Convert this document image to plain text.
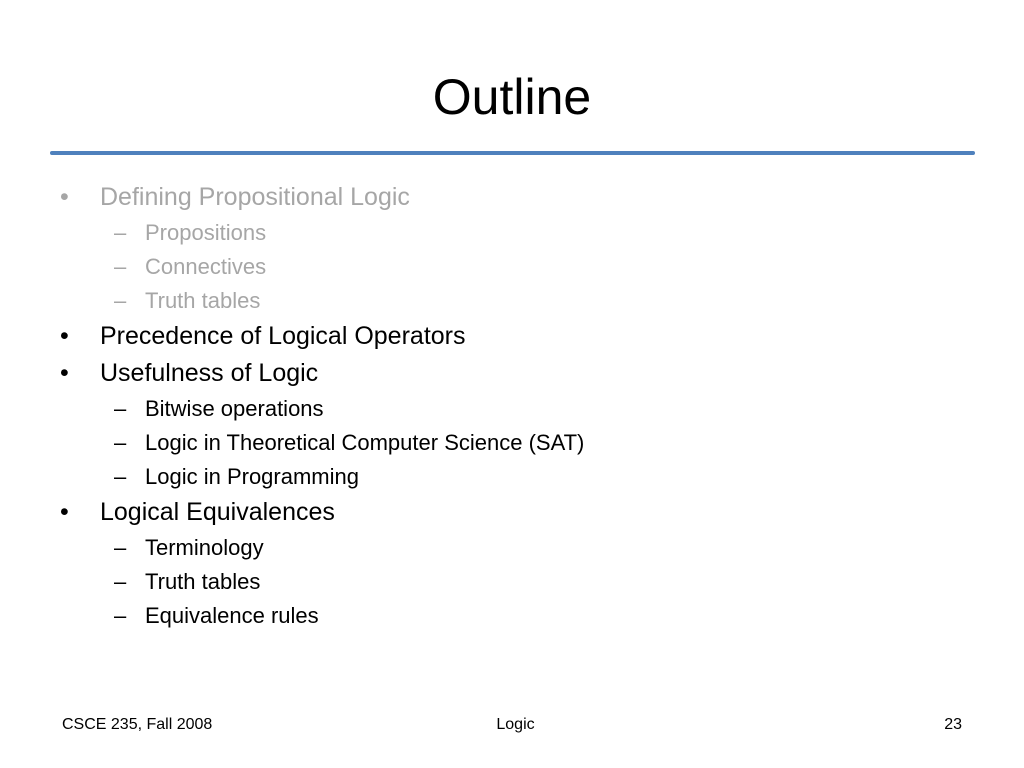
Outline
• Defining Propositional Logic
– Propositions
– Connectives
– Truth tables
• Precedence of Logical Operators
• Usefulness of Logic
– Bitwise operations
– Logic in Theoretical Computer Science (SAT)
– Logic in Programming
• Logical Equivalences
– Terminology
– Truth tables
– Equivalence rules
CSCE 235, Fall 2008	Logic	23
